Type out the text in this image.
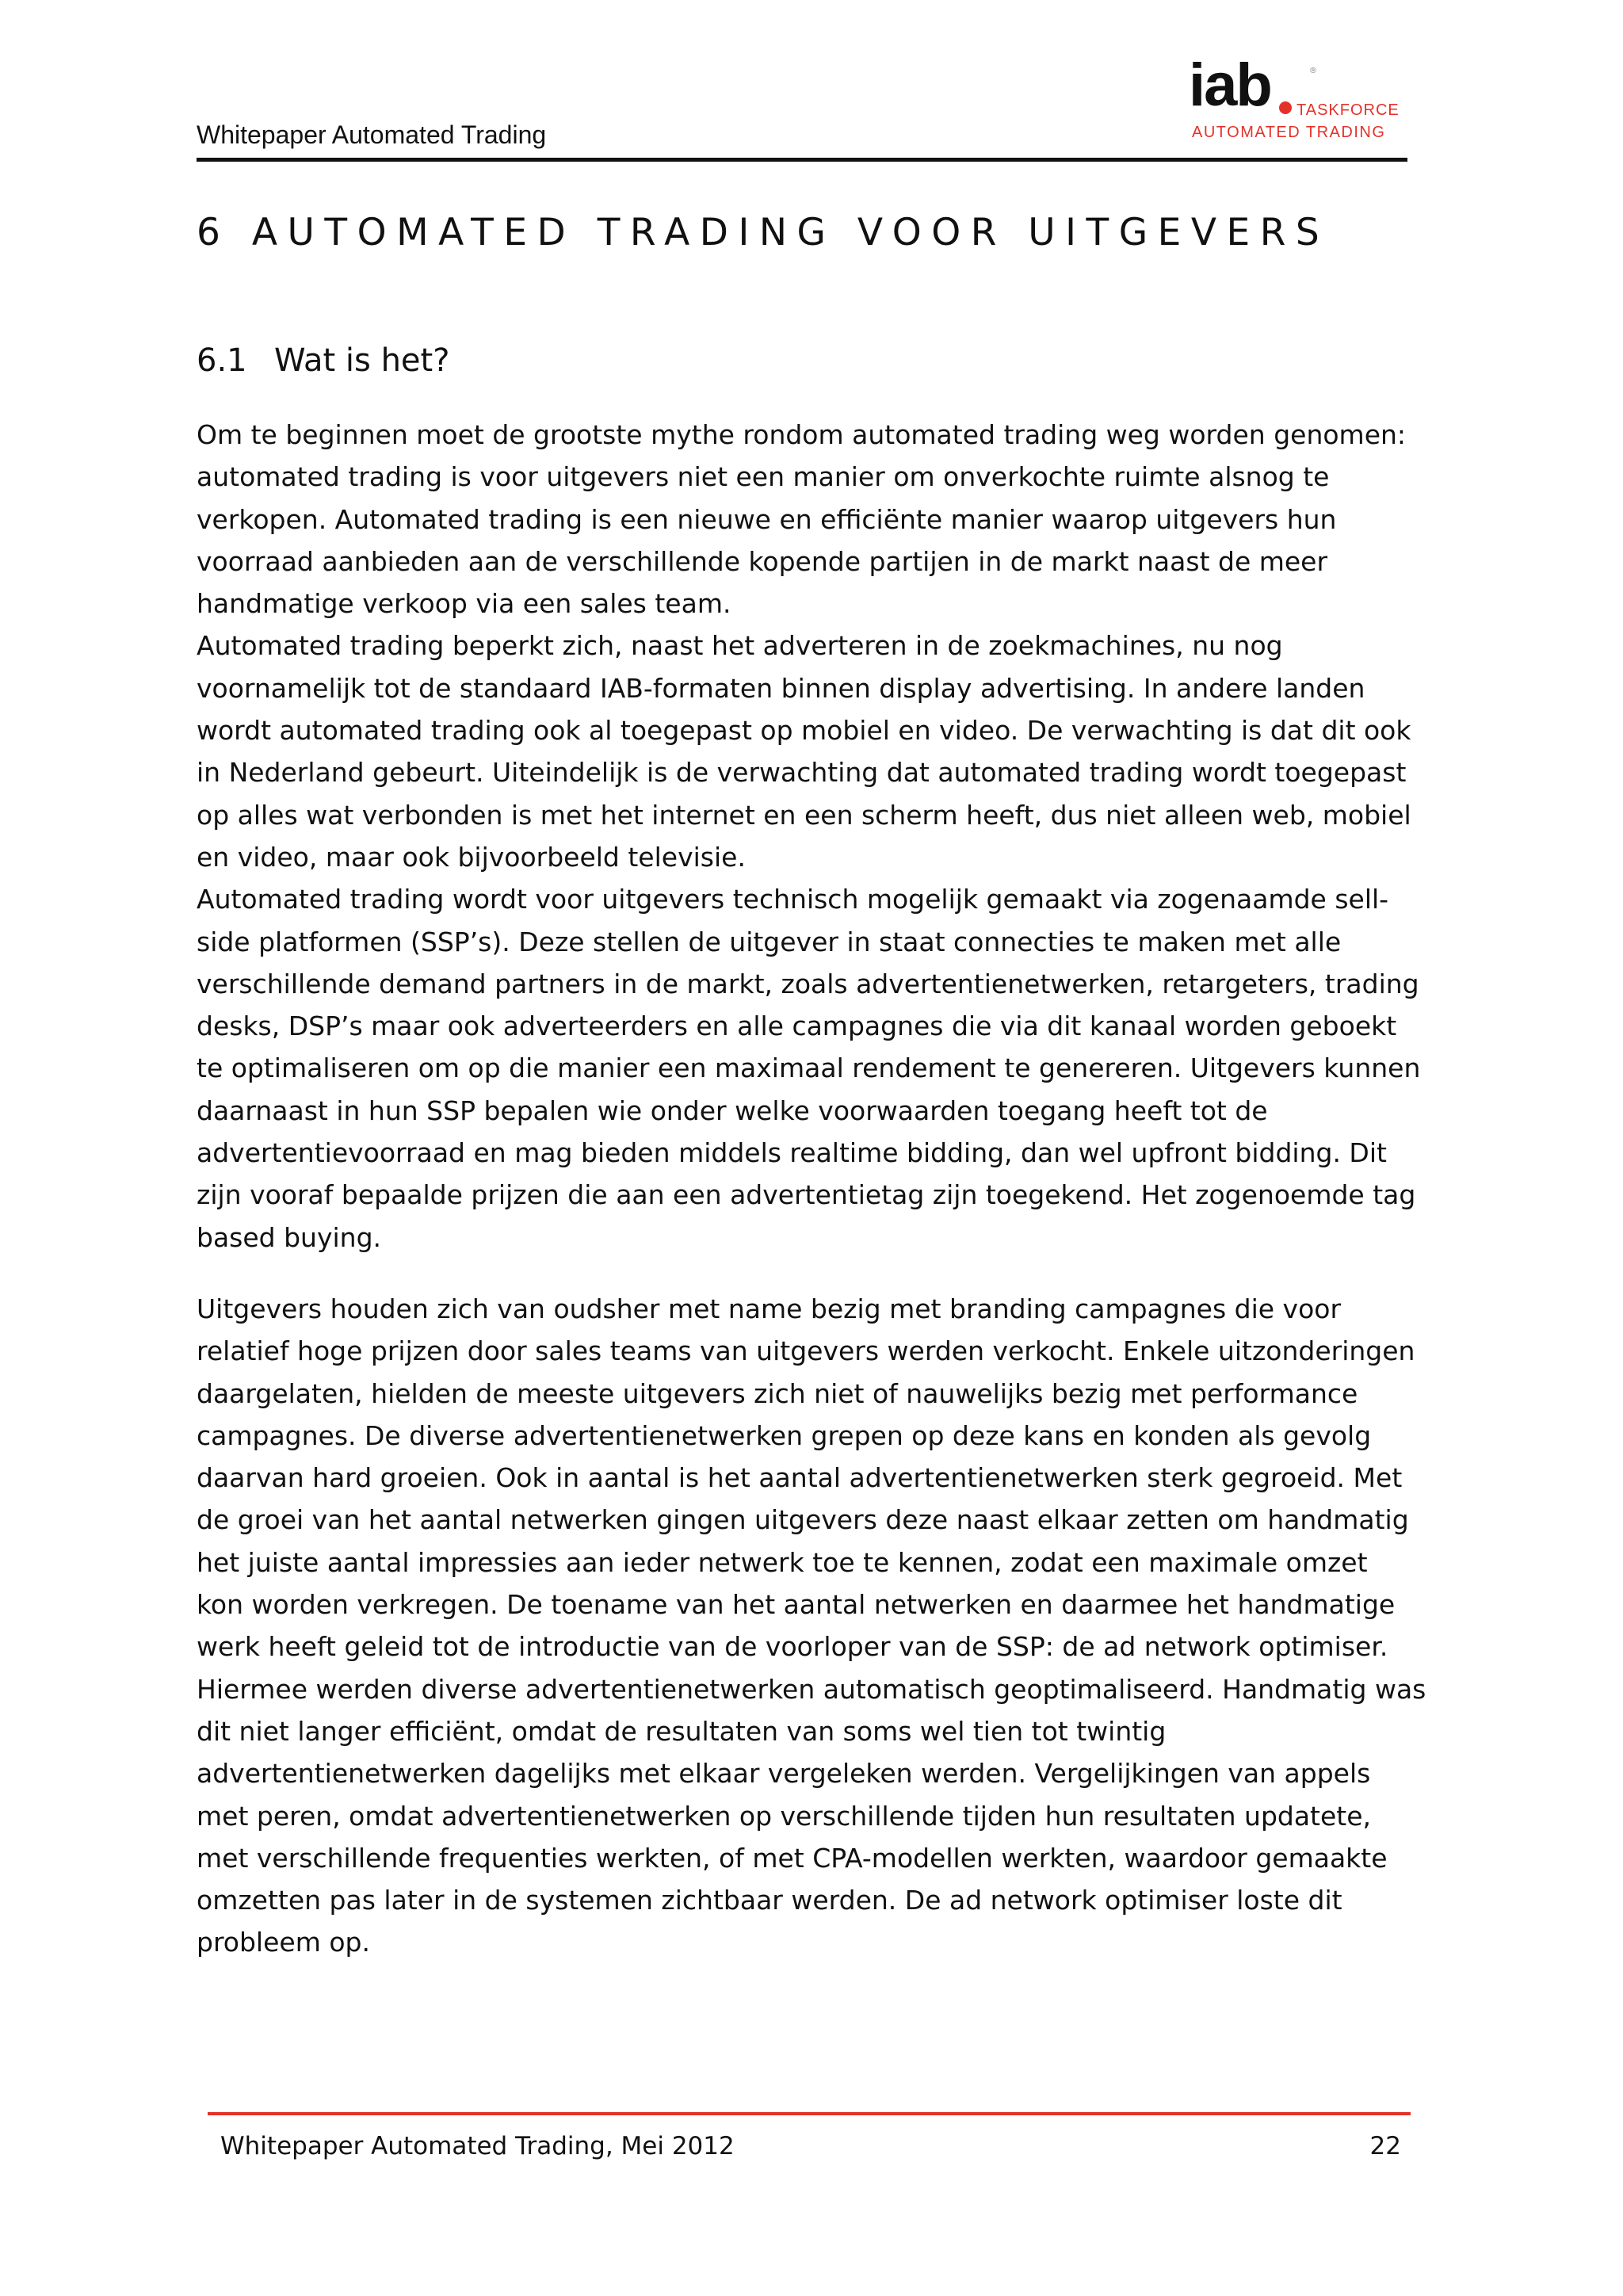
Whitepaper Automated Trading
iab TASKFORCE
AUTOMATED TRADING
®
6 AUTOMATED TRADING VOOR UITGEVERS
6.1 Wat is het?
Om te beginnen moet de grootste mythe rondom automated trading weg worden genomen:
automated trading is voor uitgevers niet een manier om onverkochte ruimte alsnog te
verkopen. Automated trading is een nieuwe en efficiënte manier waarop uitgevers hun
voorraad aanbieden aan de verschillende kopende partijen in de markt naast de meer
handmatige verkoop via een sales team.
Automated trading beperkt zich, naast het adverteren in de zoekmachines, nu nog
voornamelijk tot de standaard IAB-formaten binnen display advertising. In andere landen
wordt automated trading ook al toegepast op mobiel en video. De verwachting is dat dit ook
in Nederland gebeurt. Uiteindelijk is de verwachting dat automated trading wordt toegepast
op alles wat verbonden is met het internet en een scherm heeft, dus niet alleen web, mobiel
en video, maar ook bijvoorbeeld televisie.
Automated trading wordt voor uitgevers technisch mogelijk gemaakt via zogenaamde sell-
side platformen (SSP’s). Deze stellen de uitgever in staat connecties te maken met alle
verschillende demand partners in de markt, zoals advertentienetwerken, retargeters, trading
desks, DSP’s maar ook adverteerders en alle campagnes die via dit kanaal worden geboekt
te optimaliseren om op die manier een maximaal rendement te genereren. Uitgevers kunnen
daarnaast in hun SSP bepalen wie onder welke voorwaarden toegang heeft tot de
advertentievoorraad en mag bieden middels realtime bidding, dan wel upfront bidding. Dit
zijn vooraf bepaalde prijzen die aan een advertentietag zijn toegekend. Het zogenoemde tag
based buying.
Uitgevers houden zich van oudsher met name bezig met branding campagnes die voor
relatief hoge prijzen door sales teams van uitgevers werden verkocht. Enkele uitzonderingen
daargelaten, hielden de meeste uitgevers zich niet of nauwelijks bezig met performance
campagnes. De diverse advertentienetwerken grepen op deze kans en konden als gevolg
daarvan hard groeien. Ook in aantal is het aantal advertentienetwerken sterk gegroeid. Met
de groei van het aantal netwerken gingen uitgevers deze naast elkaar zetten om handmatig
het juiste aantal impressies aan ieder netwerk toe te kennen, zodat een maximale omzet
kon worden verkregen. De toename van het aantal netwerken en daarmee het handmatige
werk heeft geleid tot de introductie van de voorloper van de SSP: de ad network optimiser.
Hiermee werden diverse advertentienetwerken automatisch geoptimaliseerd. Handmatig was
dit niet langer efficiënt, omdat de resultaten van soms wel tien tot twintig
advertentienetwerken dagelijks met elkaar vergeleken werden. Vergelijkingen van appels
met peren, omdat advertentienetwerken op verschillende tijden hun resultaten updatete,
met verschillende frequenties werkten, of met CPA-modellen werkten, waardoor gemaakte
omzetten pas later in de systemen zichtbaar werden. De ad network optimiser loste dit
probleem op.
Whitepaper Automated Trading, Mei 2012	22
